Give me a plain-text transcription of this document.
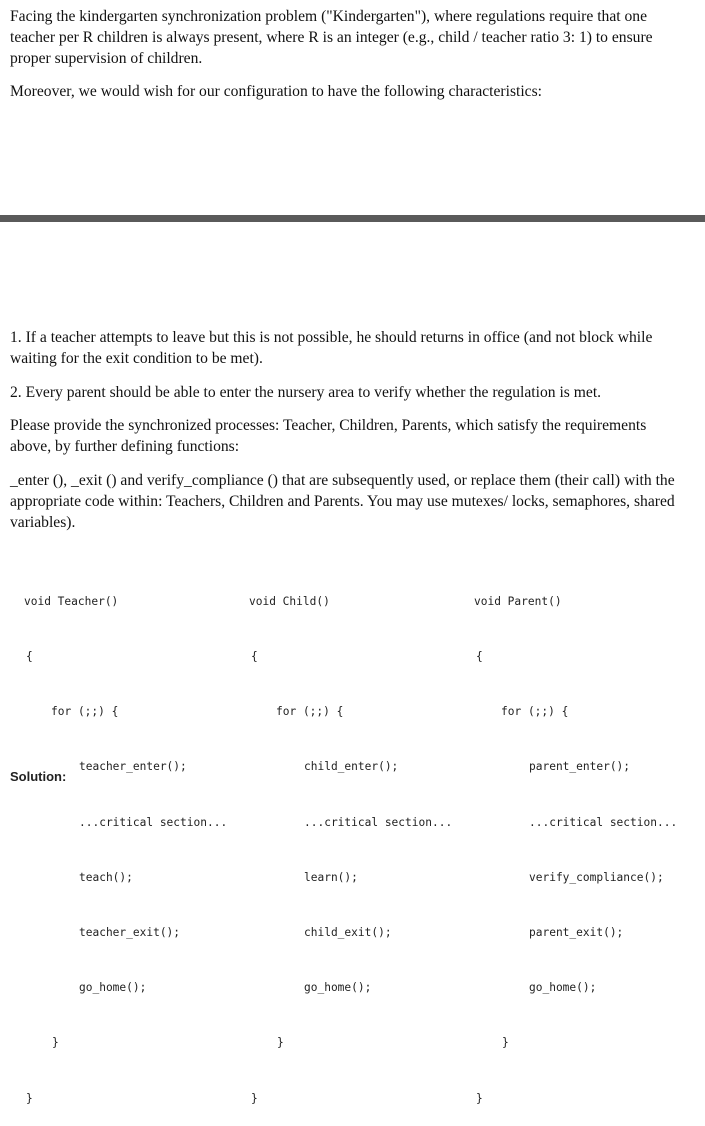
Facing the kindergarten synchronization problem ("Kindergarten"), where regulations require that one teacher per R children is always present, where R is an integer (e.g., child / teacher ratio 3: 1) to ensure proper supervision of children.

Moreover, we would wish for our configuration to have the following characteristics:

1. If a teacher attempts to leave but this is not possible, he should returns in office (and not block while waiting for the exit condition to be met).

2. Every parent should be able to enter the nursery area to verify whether the regulation is met.

Please provide the synchronized processes: Teacher, Children, Parents, which satisfy the requirements above, by further defining functions:

_enter (), _exit () and verify_compliance () that are subsequently used, or replace them (their call) with the appropriate code within: Teachers, Children and Parents. You may use mutexes/ locks, semaphores, shared variables).

void Teacher()

{

for (;;) {

teacher_enter();

...critical section...

teach();

teacher_exit();

go_home();

}

}

void Child()

{

for (;;) {

child_enter();

...critical section...

learn();

child_exit();

go_home();

}

}

void Parent()

{

for (;;) {

parent_enter();

...critical section...

verify_compliance();

parent_exit();

go_home();

}

}

Solution:
